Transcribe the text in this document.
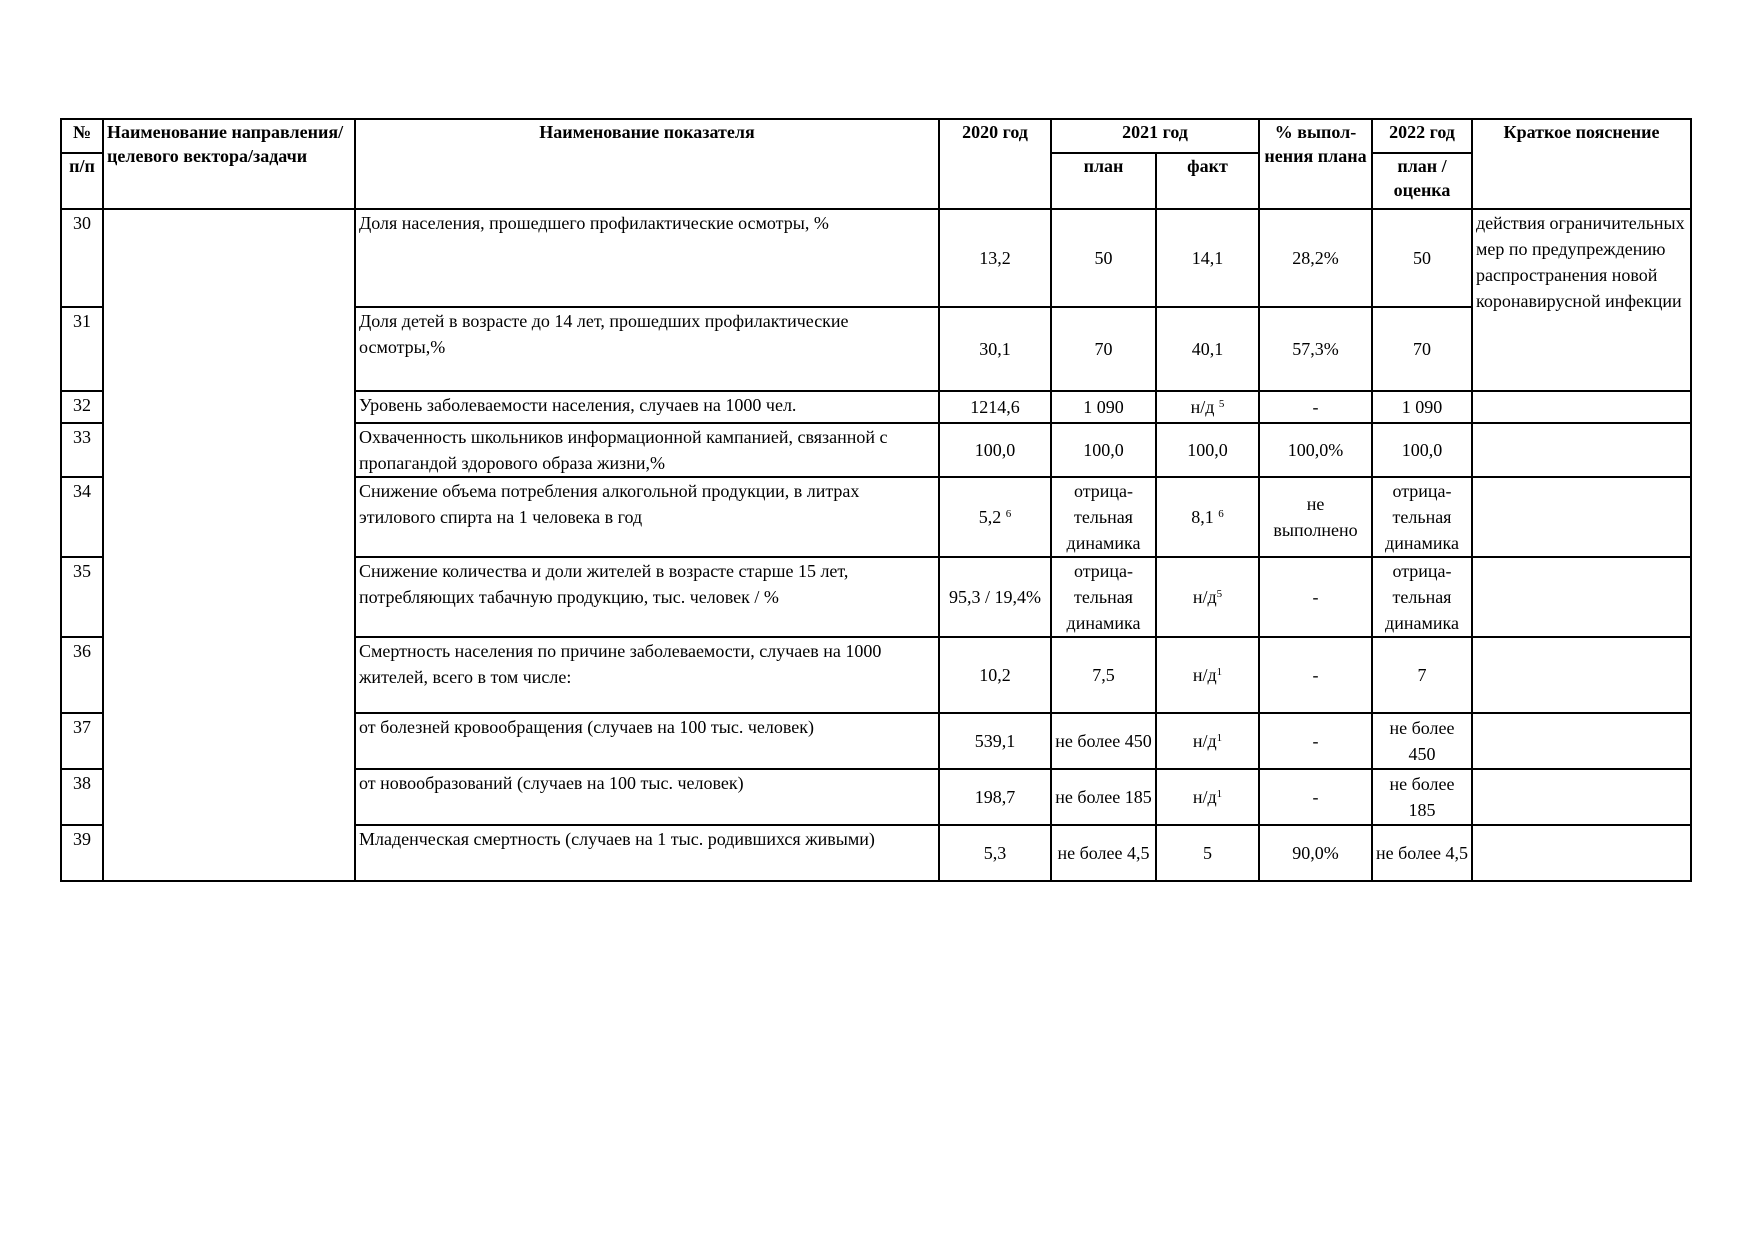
№	Наименование направления/целевого вектора/задачи	Наименование показателя	2020 год	2021 год		% выпол-нения плана	2022 год	Краткое пояснение
п/п				план	факт		план / оценка	
30		Доля населения, прошедшего профилактические осмотры, %	13,2	50	14,1	28,2%	50	действия ограничительных мер по предупреждению распространения новой коронавирусной инфекции
31		Доля детей в возрасте до 14 лет, прошедших профилактические осмотры,%	30,1	70	40,1	57,3%	70	
32		Уровень заболеваемости населения, случаев на 1000 чел.	1214,6	1 090	н/д $^5$	-	1 090	
33		Охваченность школьников информационной кампанией, связанной с пропагандой здорового образа жизни,%	100,0	100,0	100,0	100,0%	100,0	
34		Снижение объема потребления алкогольной продукции, в литрах этилового спирта на 1 человека в год	5,2 $^6$	отрица-тельная динамика	8,1 $^6$	не выполнено	отрица-тельная динамика	
35		Снижение количества и доли жителей в возрасте старше 15 лет, потребляющих табачную продукцию, тыс. человек / %	95,3 / 19,4%	отрица-тельная динамика	$н/д^5$	-	отрица-тельная динамика	
36		Смертность населения по причине заболеваемости, случаев на 1000 жителей, всего в том числе:	10,2	7,5	$н/д^1$	-	7	
37		от болезней кровообращения (случаев на 100 тыс. человек)	539,1	не более 450	$н/д^1$	-	не более 450	
38		от новообразований (случаев на 100 тыс. человек)	198,7	не более 185	$н/д^1$	-	не более 185	
39		Младенческая смертность (случаев на 1 тыс. родившихся живыми)	5,3	не более 4,5	5	90,0%	не более 4,5	
